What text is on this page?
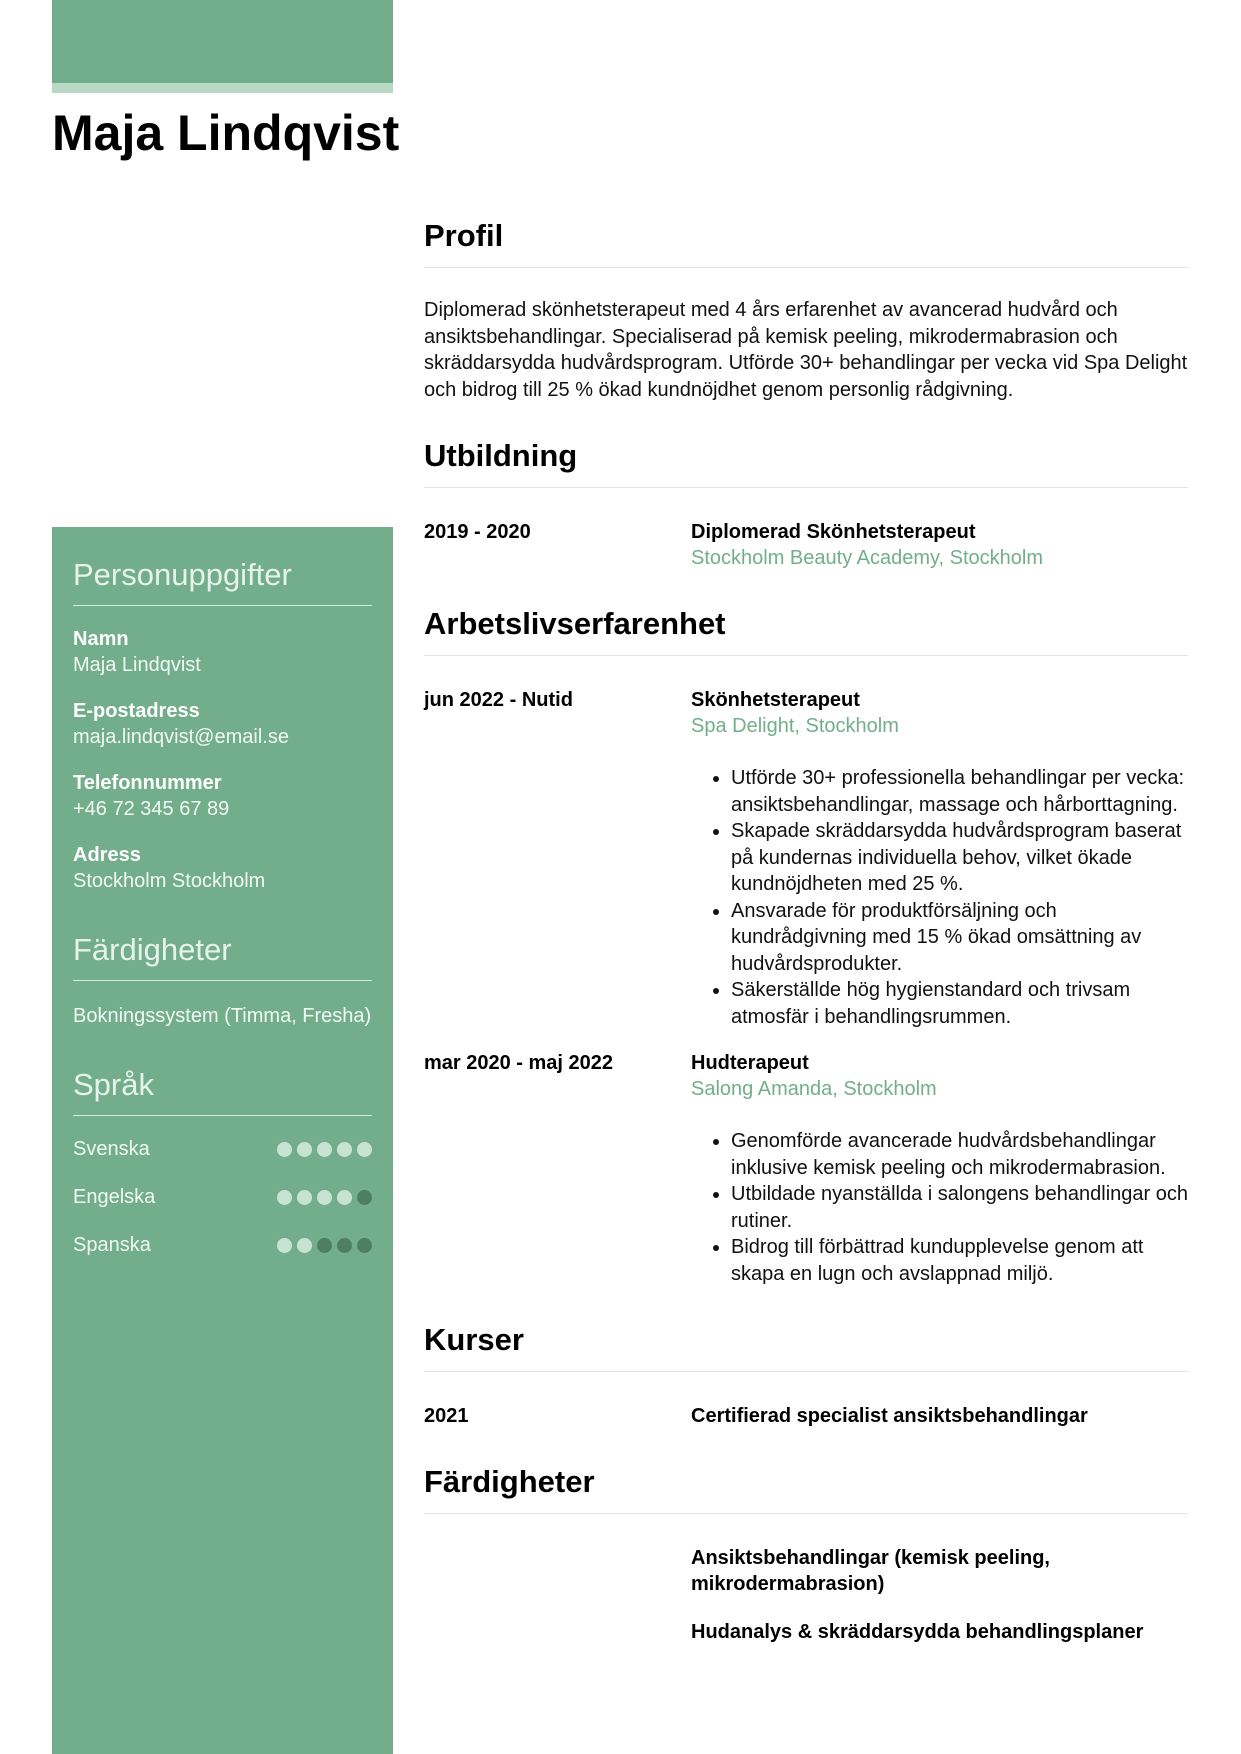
Maja Lindqvist
Personuppgifter
Namn
Maja Lindqvist
E-postadress
maja.lindqvist@email.se
Telefonnummer
+46 72 345 67 89
Adress
Stockholm Stockholm
Färdigheter
Bokningssystem (Timma, Fresha)
Språk
Svenska
Engelska
Spanska
Profil

Diplomerad skönhetsterapeut med 4 års erfarenhet av avancerad hudvård och ansiktsbehandlingar. Specialiserad på kemisk peeling, mikrodermabrasion och skräddarsydda hudvårdsprogram. Utförde 30+ behandlingar per vecka vid Spa Delight och bidrog till 25 % ökad kundnöjdhet genom personlig rådgivning.

Utbildning
2019 - 2020	Diplomerad Skönhetsterapeut
Stockholm Beauty Academy, Stockholm
Arbetslivserfarenhet
jun 2022 - Nutid	Skönhetsterapeut
Spa Delight, Stockholm
• Utförde 30+ professionella behandlingar per vecka: ansiktsbehandlingar, massage och hårborttagning.
• Skapade skräddarsydda hudvårdsprogram baserat på kundernas individuella behov, vilket ökade kundnöjdheten med 25 %.
• Ansvarade för produktförsäljning och kundrådgivning med 15 % ökad omsättning av hudvårdsprodukter.
• Säkerställde hög hygienstandard och trivsam atmosfär i behandlingsrummen.
mar 2020 - maj 2022	Hudterapeut
Salong Amanda, Stockholm
• Genomförde avancerade hudvårdsbehandlingar inklusive kemisk peeling och mikrodermabrasion.
• Utbildade nyanställda i salongens behandlingar och rutiner.
• Bidrog till förbättrad kundupplevelse genom att skapa en lugn och avslappnad miljö.
Kurser
2021	Certifierad specialist ansiktsbehandlingar
Färdigheter
Ansiktsbehandlingar (kemisk peeling, mikrodermabrasion)
Hudanalys & skräddarsydda behandlingsplaner
